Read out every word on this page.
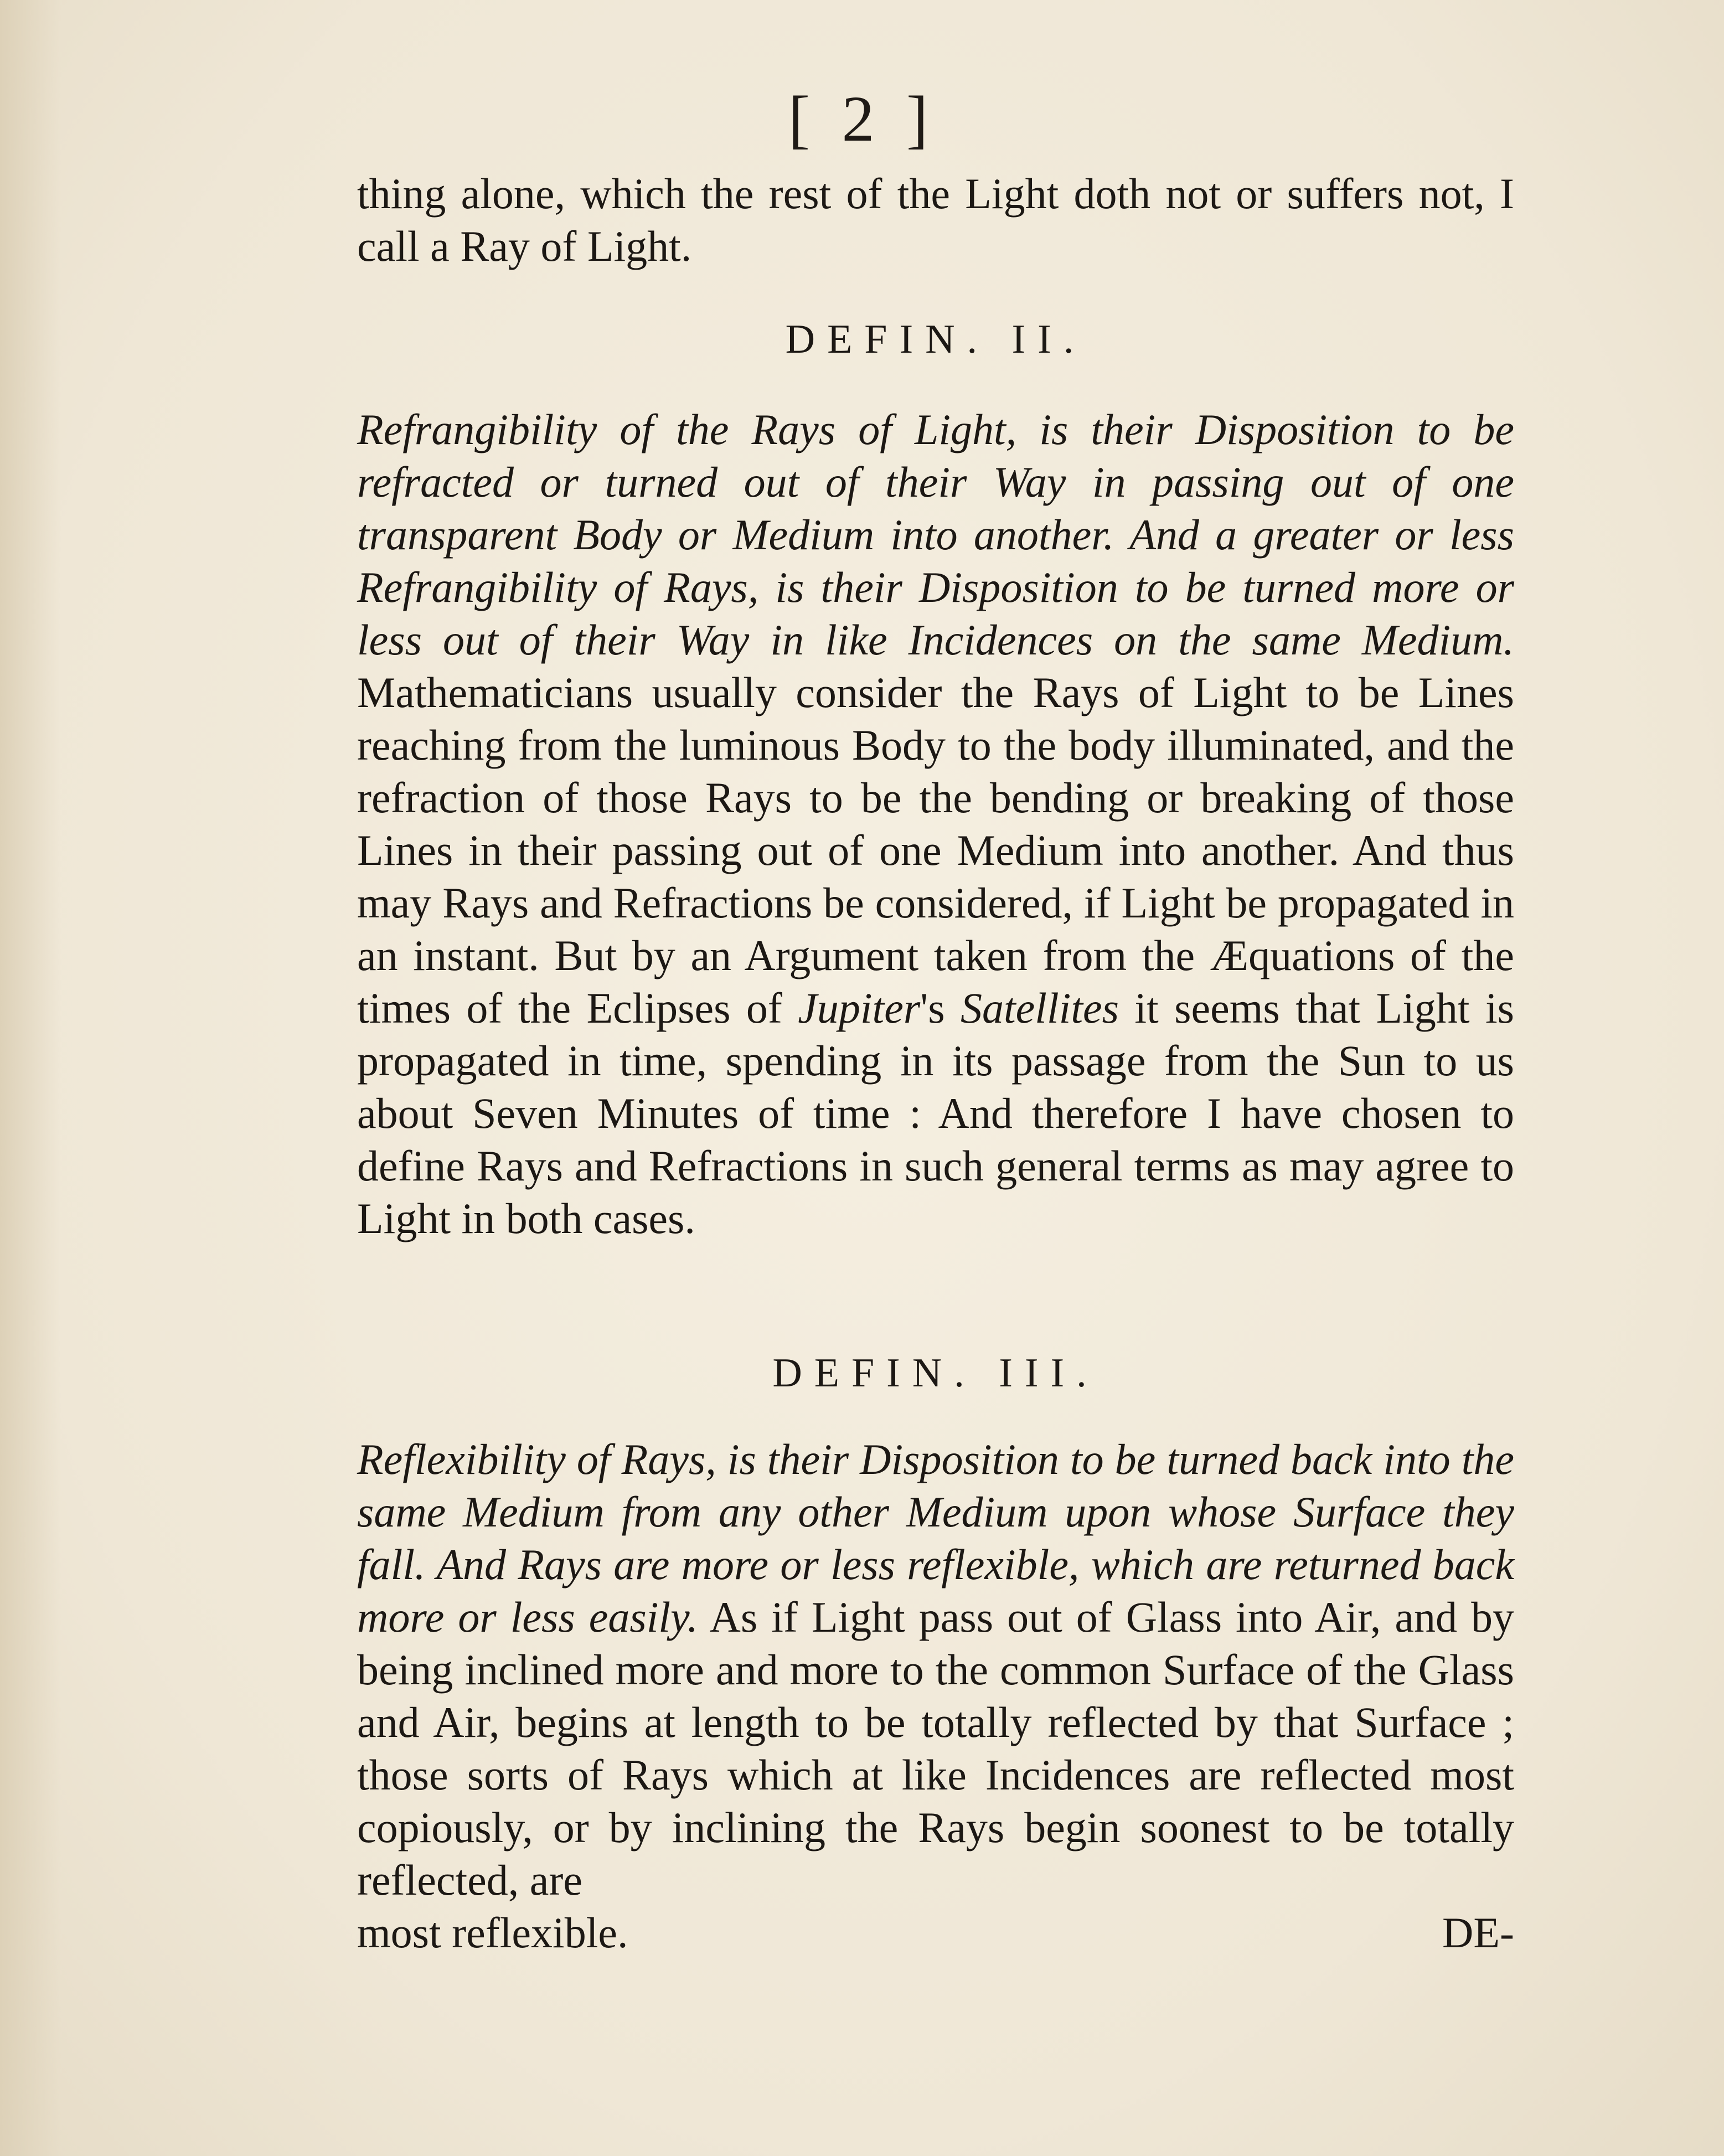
[ 2 ]
thing alone, which the rest of the Light doth not or suffers not, I call a Ray of Light.
DEFIN. II.
Refrangibility of the Rays of Light, is their Disposition to be refracted or turned out of their Way in passing out of one transparent Body or Medium into another. And a greater or less Refrangibility of Rays, is their Disposition to be turned more or less out of their Way in like Incidences on the same Medium. Mathematicians usually consider the Rays of Light to be Lines reaching from the luminous Body to the body illuminated, and the refraction of those Rays to be the bending or breaking of those Lines in their passing out of one Medium into another. And thus may Rays and Refractions be considered, if Light be propagated in an instant. But by an Argument taken from the Æquations of the times of the Eclipses of Jupiter's Satellites it seems that Light is propagated in time, spending in its passage from the Sun to us about Seven Minutes of time : And therefore I have chosen to define Rays and Refractions in such general terms as may agree to Light in both cases.
DEFIN. III.
Reflexibility of Rays, is their Disposition to be turned back into the same Medium from any other Medium upon whose Surface they fall. And Rays are more or less reflexible, which are returned back more or less easily. As if Light pass out of Glass into Air, and by being inclined more and more to the common Surface of the Glass and Air, begins at length to be totally reflected by that Surface ; those sorts of Rays which at like Incidences are reflected most copiously, or by inclining the Rays begin soonest to be totally reflected, are
most reflexible.	DE-
